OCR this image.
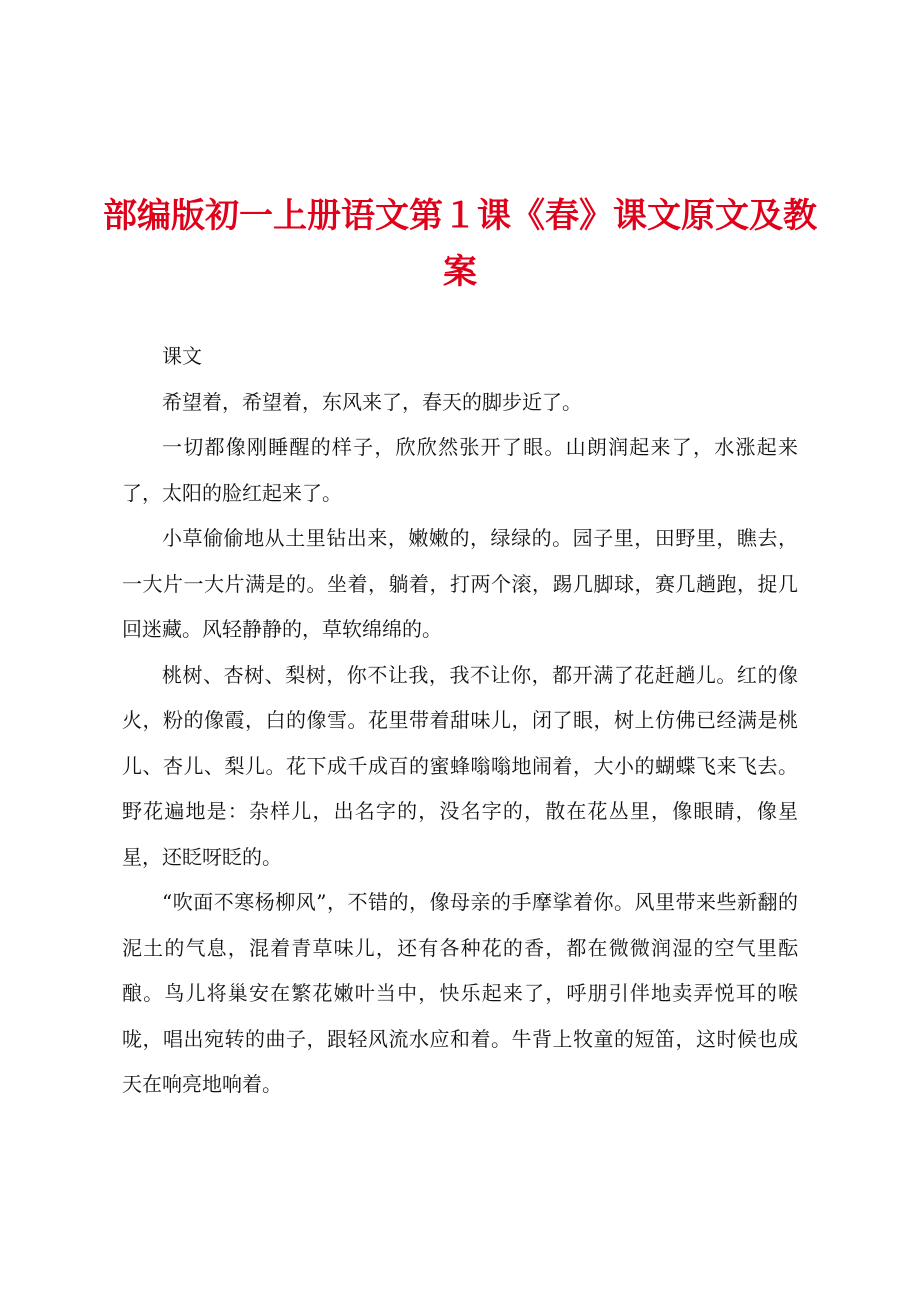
部编版初一上册语文第１课《春》课文原文及教案

课文

希望着，希望着，东风来了，春天的脚步近了。

一切都像刚睡醒的样子，欣欣然张开了眼。山朗润起来了，水涨起来了，太阳的脸红起来了。

小草偷偷地从土里钻出来，嫩嫩的，绿绿的。园子里，田野里，瞧去，一大片一大片满是的。坐着，躺着，打两个滚，踢几脚球，赛几趟跑，捉几回迷藏。风轻静静的，草软绵绵的。

桃树、杏树、梨树，你不让我，我不让你，都开满了花赶趟儿。红的像火，粉的像霞，白的像雪。花里带着甜味儿，闭了眼，树上仿佛已经满是桃儿、杏儿、梨儿。花下成千成百的蜜蜂嗡嗡地闹着，大小的蝴蝶飞来飞去。野花遍地是：杂样儿，出名字的，没名字的，散在花丛里，像眼睛，像星星，还眨呀眨的。

“吹面不寒杨柳风”，不错的，像母亲的手摩挲着你。风里带来些新翻的泥土的气息，混着青草味儿，还有各种花的香，都在微微润湿的空气里酝酿。鸟儿将巢安在繁花嫩叶当中，快乐起来了，呼朋引伴地卖弄悦耳的喉咙，唱出宛转的曲子，跟轻风流水应和着。牛背上牧童的短笛，这时候也成天在响亮地响着。
